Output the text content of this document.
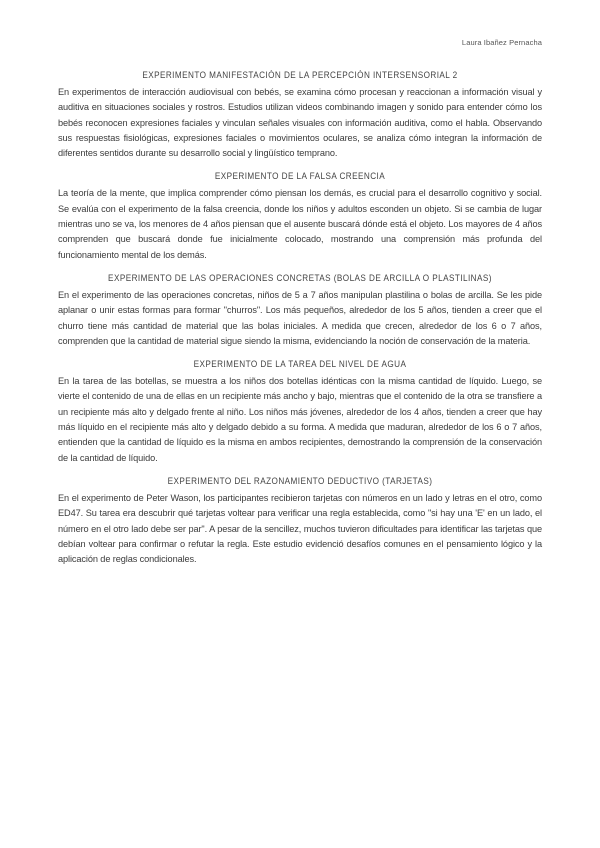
Laura Ibañez Pernacha
EXPERIMENTO MANIFESTACIÓN DE LA PERCEPCIÓN INTERSENSORIAL 2

En experimentos de interacción audiovisual con bebés, se examina cómo procesan y reaccionan a información visual y auditiva en situaciones sociales y rostros. Estudios utilizan videos combinando imagen y sonido para entender cómo los bebés reconocen expresiones faciales y vinculan señales visuales con información auditiva, como el habla. Observando sus respuestas fisiológicas, expresiones faciales o movimientos oculares, se analiza cómo integran la información de diferentes sentidos durante su desarrollo social y lingüístico temprano.

EXPERIMENTO DE LA FALSA CREENCIA

La teoría de la mente, que implica comprender cómo piensan los demás, es crucial para el desarrollo cognitivo y social. Se evalúa con el experimento de la falsa creencia, donde los niños y adultos esconden un objeto. Si se cambia de lugar mientras uno se va, los menores de 4 años piensan que el ausente buscará dónde está el objeto. Los mayores de 4 años comprenden que buscará donde fue inicialmente colocado, mostrando una comprensión más profunda del funcionamiento mental de los demás.

EXPERIMENTO DE LAS OPERACIONES CONCRETAS (BOLAS DE ARCILLA O PLASTILINAS)

En el experimento de las operaciones concretas, niños de 5 a 7 años manipulan plastilina o bolas de arcilla. Se les pide aplanar o unir estas formas para formar "churros". Los más pequeños, alrededor de los 5 años, tienden a creer que el churro tiene más cantidad de material que las bolas iniciales. A medida que crecen, alrededor de los 6 o 7 años, comprenden que la cantidad de material sigue siendo la misma, evidenciando la noción de conservación de la materia.

EXPERIMENTO DE LA TAREA DEL NIVEL DE AGUA

En la tarea de las botellas, se muestra a los niños dos botellas idénticas con la misma cantidad de líquido. Luego, se vierte el contenido de una de ellas en un recipiente más ancho y bajo, mientras que el contenido de la otra se transfiere a un recipiente más alto y delgado frente al niño. Los niños más jóvenes, alrededor de los 4 años, tienden a creer que hay más líquido en el recipiente más alto y delgado debido a su forma. A medida que maduran, alrededor de los 6 o 7 años, entienden que la cantidad de líquido es la misma en ambos recipientes, demostrando la comprensión de la conservación de la cantidad de líquido.

EXPERIMENTO DEL RAZONAMIENTO DEDUCTIVO (TARJETAS)

En el experimento de Peter Wason, los participantes recibieron tarjetas con números en un lado y letras en el otro, como ED47. Su tarea era descubrir qué tarjetas voltear para verificar una regla establecida, como "si hay una 'E' en un lado, el número en el otro lado debe ser par". A pesar de la sencillez, muchos tuvieron dificultades para identificar las tarjetas que debían voltear para confirmar o refutar la regla. Este estudio evidenció desafíos comunes en el pensamiento lógico y la aplicación de reglas condicionales.
